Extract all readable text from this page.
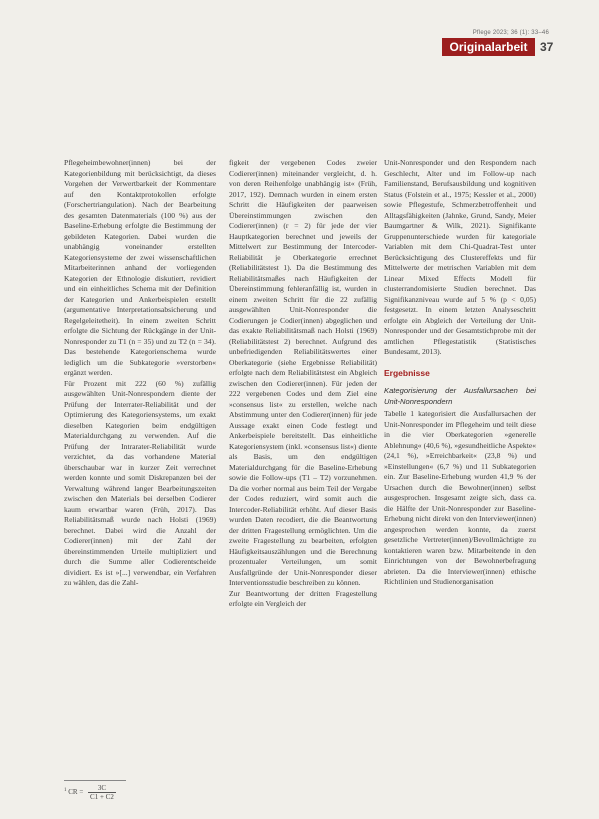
Pflege 2023; 36 (1): 33–46
Originalarbeit	37

Pflegeheimbewohner(innen) bei der Kategorienbildung mit berücksichtigt, da dieses Vorgehen der Verwertbarkeit der Kommentare auf den Kontaktprotokollen erfolgte (Forschertriangulation). Nach der Bearbeitung des gesamten Datenmaterials (100 %) aus der Baseline-Erhebung erfolgte die Bestimmung der gebildeten Kategorien. Dabei wurden die unabhängig voneinander erstellten Kategoriensysteme der zwei wissenschaftlichen Mitarbeiterinnen anhand der vorliegenden Kategorien der Ethnologie diskutiert, revidiert und ein einheitliches Schema mit der Definition der Kategorien und Ankerbeispielen erstellt (argumentative Interpretationsabsicherung und Regelgeleitetheit). In einem zweiten Schritt erfolgte die Sichtung der Rückgänge in der Unit-Nonresponder zu T1 (n = 35) und zu T2 (n = 34). Das bestehende Kategorienschema wurde lediglich um die Subkategorie »verstorben« ergänzt werden.

Für Prozent mit 222 (60 %) zufällig ausgewählten Unit-Nonrespondern diente der Prüfung der Interrater-Reliabilität und der Optimierung des Kategoriensystems, um exakt dieselben Kategorien beim endgültigen Materialdurchgang zu verwenden. Auf die Prüfung der Intrarater-Reliabilität wurde verzichtet, da das vorhandene Material überschaubar war in kurzer Zeit verrechnet werden konnte und somit Diskrepanzen bei der Verwaltung während langer Bearbeitungszeiten zwischen den Materials bei derselben Codierer kaum erwartbar waren (Früh, 2017). Das Reliabilitätsmaß wurde nach Holsti (1969) berechnet. Dabei wird die Anzahl der Codierer(innen) mit der Zahl der übereinstimmenden Urteile multipliziert und durch die Summe aller Codierentscheide dividiert. Es ist »[...] verwendbar, ein Verfahren zu wählen, das die Zahl-

figkeit der vergebenen Codes zweier Codierer(innen) miteinander vergleicht, d. h. von deren Reihenfolge unabhängig ist« (Früh, 2017, 192). Demnach wurden in einem ersten Schritt die Häufigkeiten der paarweisen Übereinstimmungen zwischen den Codierer(innen) (r = 2) für jede der vier Hauptkategorien berechnet und jeweils der Mittelwert zur Bestimmung der Intercoder-Reliabilität je Oberkategorie errechnet (Reliabilitätstest 1). Da die Bestimmung des Reliabilitätsmaßes nach Häufigkeiten der Übereinstimmung fehleranfällig ist, wurden in einem zweiten Schritt für die 22 zufällig ausgewählten Unit-Nonresponder die Codierungen je Codier(innen) abgeglichen und das exakte Reliabilitätsmaß nach Holsti (1969) (Reliabilitätstest 2) berechnet. Aufgrund des unbefriedigenden Reliabilitätswertes einer Oberkategorie (siehe Ergebnisse Reliabilität) erfolgte nach dem Reliabilitätstest ein Abgleich zwischen den Codierer(innen). Für jeden der 222 vergebenen Codes und dem Ziel eine »consensus list« zu erstellen, welche nach Abstimmung unter den Codierer(innen) für jede Aussage exakt einen Code festlegt und Ankerbeispiele bereitstellt. Das einheitliche Kategoriensystem (inkl. »consensus list«) diente als Basis, um den endgültigen Materialdurchgang für die Baseline-Erhebung sowie die Follow-ups (T1 – T2) vorzunehmen. Da die vorher normal aus beim Teil der Vergabe der Codes reduziert, wird somit auch die Intercoder-Reliabilität erhöht. Auf dieser Basis wurden Daten recodiert, die die Beantwortung der dritten Fragestellung ermöglichten. Um die zweite Fragestellung zu bearbeiten, erfolgten Häufigkeitsauszählungen und die Berechnung prozentualer Verteilungen, um somit Ausfallgründe der Unit-Nonresponder dieser Interventionsstudie beschreiben zu können.

Zur Beantwortung der dritten Fragestellung erfolgte ein Vergleich der

Unit-Nonresponder und den Respondern nach Geschlecht, Alter und im Follow-up nach Familienstand, Berufsausbildung und kognitiven Status (Folstein et al., 1975; Kessler et al., 2000) sowie Pflegestufe, Schmerzbetroffenheit und Alltagsfähigkeiten (Jahnke, Grund, Sandy, Meier Baumgartner & Wilk, 2021). Signifikante Gruppenunterschiede wurden für kategoriale Variablen mit dem Chi-Quadrat-Test unter Berücksichtigung des Clustereffekts und für Mittelwerte der metrischen Variablen mit dem Linear Mixed Effects Modell für clusterrandomisierte Studien berechnet. Das Signifikanzniveau wurde auf 5 % (p < 0,05) festgesetzt. In einem letzten Analyseschritt erfolgte ein Abgleich der Verteilung der Unit-Nonresponder und der Gesamtstichprobe mit der amtlichen Pflegestatistik (Statistisches Bundesamt, 2013).

Ergebnisse
Kategorisierung der Ausfallursachen bei Unit-Nonrespondern

Tabelle 1 kategorisiert die Ausfallursachen der Unit-Nonresponder im Pflegeheim und teilt diese in die vier Oberkategorien »generelle Ablehnung« (40,6 %), »gesundheitliche Aspekte« (24,1 %), »Erreichbarkeit« (23,8 %) und »Einstellungen« (6,7 %) und 11 Subkategorien ein. Zur Baseline-Erhebung wurden 41,9 % der Ursachen durch die Bewohner(innen) selbst ausgesprochen. Insgesamt zeigte sich, dass ca. die Hälfte der Unit-Nonresponder zur Baseline-Erhebung nicht direkt von den Interviewer(innen) angesprochen werden konnte, da zuerst gesetzliche Vertreter(innen)/Bevollmächtigte zu kontaktieren waren bzw. Mitarbeitende in den Einrichtungen von der Bewohnerbefragung abrieten. Da die Interviewer(innen) ethische Richtlinien und Studienorganisation

$^1$ CR = $\frac{3C}{C1 + C2}$
